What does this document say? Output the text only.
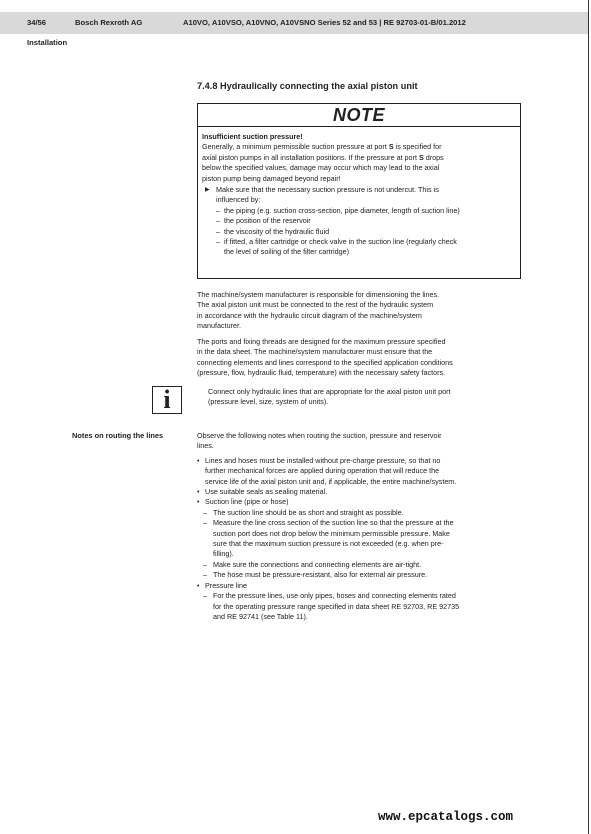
34/56	Bosch Rexroth AG	A10VO, A10VSO, A10VNO, A10VSNO Series 52 and 53 | RE 92703-01-B/01.2012
Installation
7.4.8 Hydraulically connecting the axial piston unit
NOTE
Insufficient suction pressure!
Generally, a minimum permissible suction pressure at port S is specified for
axial piston pumps in all installation positions. If the pressure at port S drops
below the specified values, damage may occur which may lead to the axial
piston pump being damaged beyond repair!
▶ Make sure that the necessary suction pressure is not undercut. This is
influenced by:
– the piping (e.g. suction cross-section, pipe diameter, length of suction line)
– the position of the reservoir
– the viscosity of the hydraulic fluid
– if fitted, a filter cartridge or check valve in the suction line (regularly check
the level of soiling of the filter cartridge)
The machine/system manufacturer is responsible for dimensioning the lines.
The axial piston unit must be connected to the rest of the hydraulic system
in accordance with the hydraulic circuit diagram of the machine/system
manufacturer.
The ports and fixing threads are designed for the maximum pressure specified
in the data sheet. The machine/system manufacturer must ensure that the
connecting elements and lines correspond to the specified application conditions
(pressure, flow, hydraulic fluid, temperature) with the necessary safety factors.
i	Connect only hydraulic lines that are appropriate for the axial piston unit port
(pressure level, size, system of units).
Notes on routing the lines	Observe the following notes when routing the suction, pressure and reservoir
lines.
• Lines and hoses must be installed without pre-charge pressure, so that no
further mechanical forces are applied during operation that will reduce the
service life of the axial piston unit and, if applicable, the entire machine/system.
• Use suitable seals as sealing material.
• Suction line (pipe or hose)
– The suction line should be as short and straight as possible.
– Measure the line cross section of the suction line so that the pressure at the
suction port does not drop below the minimum permissible pressure. Make
sure that the maximum suction pressure is not exceeded (e.g. when pre-
filling).
– Make sure the connections and connecting elements are air-tight.
– The hose must be pressure-resistant, also for external air pressure.
• Pressure line
– For the pressure lines, use only pipes, hoses and connecting elements rated
for the operating pressure range specified in data sheet RE 92703, RE 92735
and RE 92741 (see Table 11).
www.epcatalogs.com
